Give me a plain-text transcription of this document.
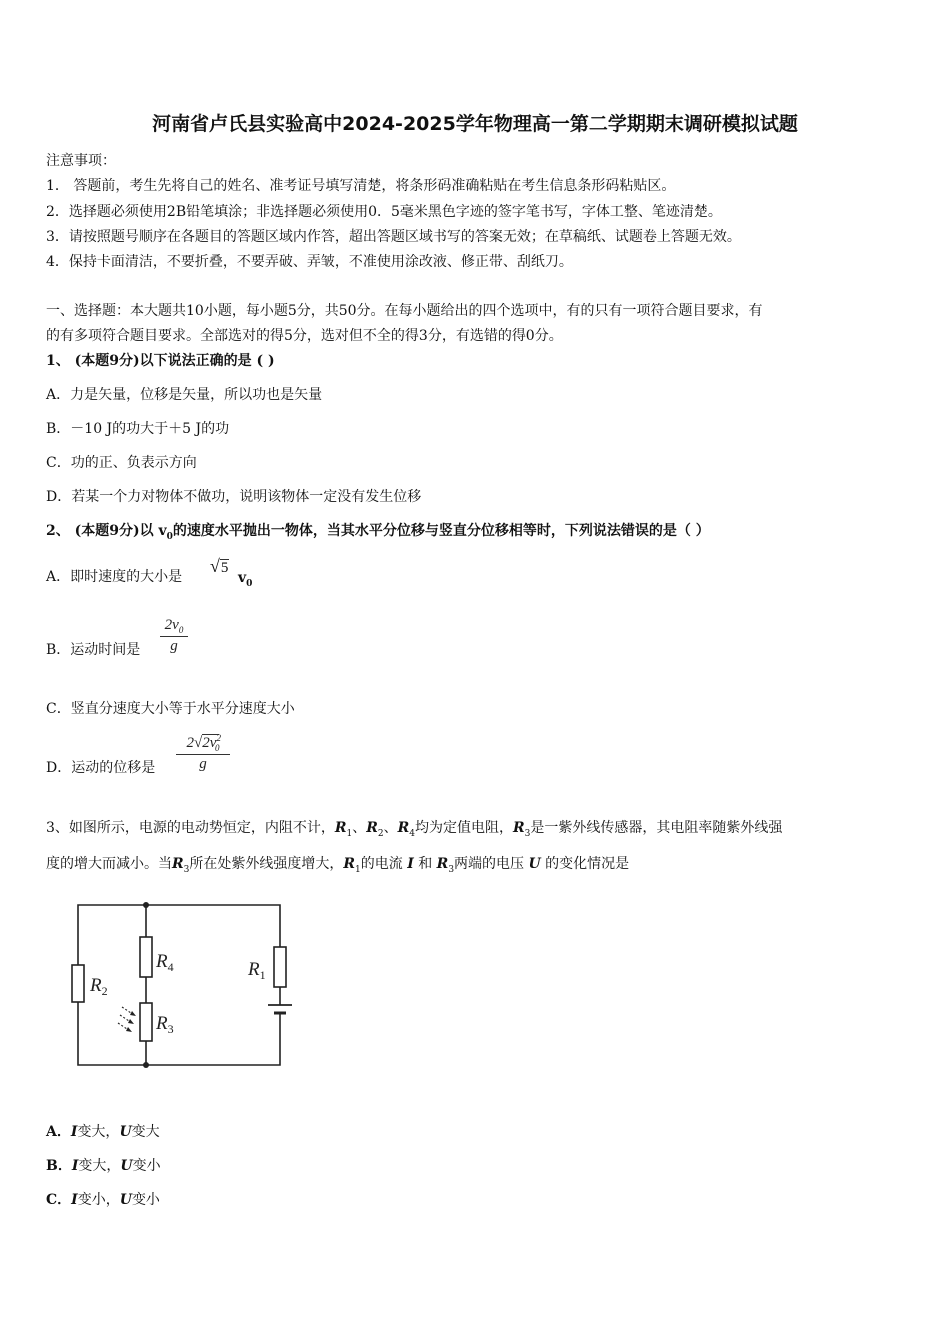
河南省卢氏县实验高中2024-2025学年物理高一第二学期期末调研模拟试题
注意事项：
1． 答题前，考生先将自己的姓名、准考证号填写清楚，将条形码准确粘贴在考生信息条形码粘贴区。
2．选择题必须使用2B铅笔填涂；非选择题必须使用0．5毫米黑色字迹的签字笔书写，字体工整、笔迹清楚。
3．请按照题号顺序在各题目的答题区域内作答，超出答题区域书写的答案无效；在草稿纸、试题卷上答题无效。
4．保持卡面清洁，不要折叠，不要弄破、弄皱，不准使用涂改液、修正带、刮纸刀。
一、选择题：本大题共10小题，每小题5分，共50分。在每小题给出的四个选项中，有的只有一项符合题目要求，有
的有多项符合题目要求。全部选对的得5分，选对但不全的得3分，有选错的得0分。
1、 (本题9分)以下说法正确的是 ( )
A．力是矢量，位移是矢量，所以功也是矢量
B．－10 J的功大于＋5 J的功
C．功的正、负表示方向
D．若某一个力对物体不做功，说明该物体一定没有发生位移
2、 (本题9分)以 $v_0$的速度水平抛出一物体，当其水平分位移与竖直分位移相等时，下列说法错误的是（ ）
A．即时速度的大小是
√5
$v_0$
B．运动时间是
$2v_0$
g
C．竖直分速度大小等于水平分速度大小
D．运动的位移是
$2√2v^2_0$
g
3、如图所示，电源的电动势恒定，内阻不计，$R_1$、$R_2$、$R_4$均为定值电阻，$R_3$是一紫外线传感器，其电阻率随紫外线强
度的增大而减小。当$R_3$所在处紫外线强度增大，$R_1$的电流 I 和 $R_3$两端的电压 U 的变化情况是
$R_2$
$R_4$
$R_3$
$R_1$
A．I变大，U变大
B．I变大，U变小
C．I变小，U变小
